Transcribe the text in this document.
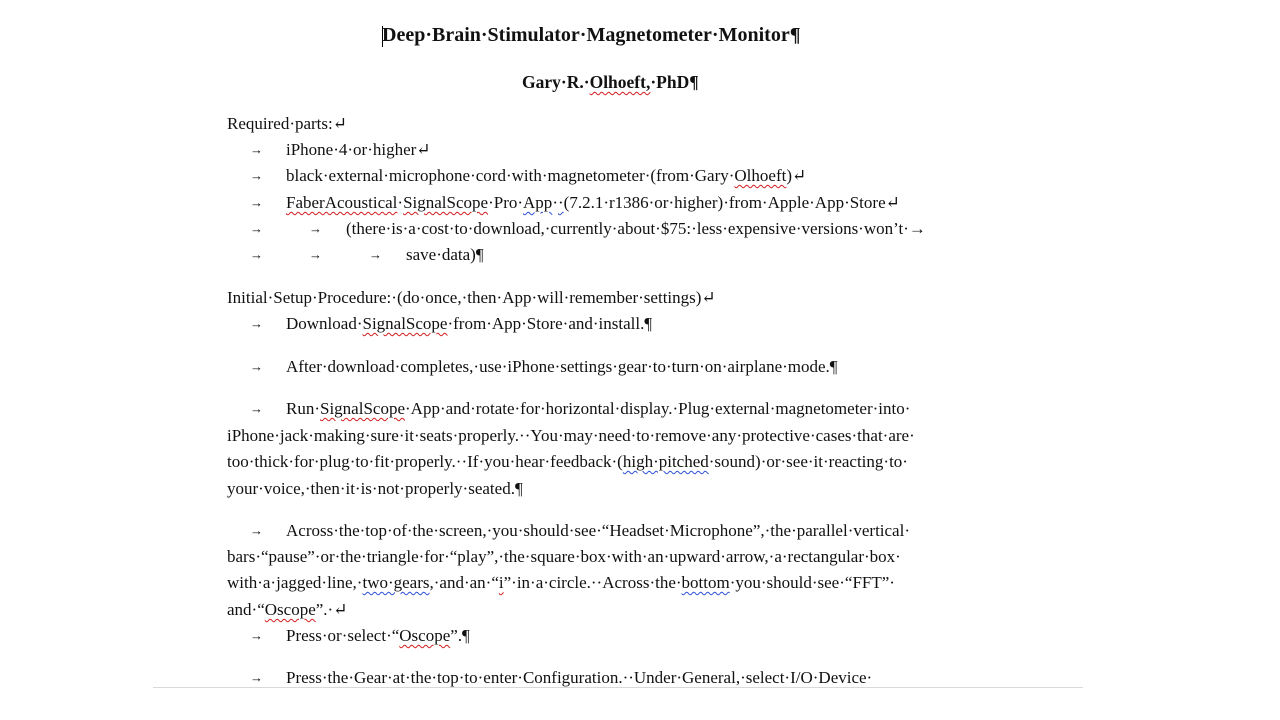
Deep·Brain·Stimulator·Magnetometer·Monitor¶
Gary·R.·Olhoeft,·PhD¶
Required·parts:↵
→ iPhone·4·or·higher↵
→ black·external·microphone·cord·with·magnetometer·(from·Gary·Olhoeft)↵
→ FaberAcoustical·SignalScope·Pro·App··(7.2.1·r1386·or·higher)·from·Apple·App·Store↵
→	→ (there·is·a·cost·to·download,·currently·about·$75:·less·expensive·versions·won’t·→
→	→	→ save·data)¶
Initial·Setup·Procedure:·(do·once,·then·App·will·remember·settings)↵
→ Download·SignalScope·from·App·Store·and·install.¶
→ After·download·completes,·use·iPhone·settings·gear·to·turn·on·airplane·mode.¶
→ Run·SignalScope·App·and·rotate·for·horizontal·display.·Plug·external·magnetometer·into·
iPhone·jack·making·sure·it·seats·properly.··You·may·need·to·remove·any·protective·cases·that·are·
too·thick·for·plug·to·fit·properly.··If·you·hear·feedback·(high·pitched·sound)·or·see·it·reacting·to·
your·voice,·then·it·is·not·properly·seated.¶
→ Across·the·top·of·the·screen,·you·should·see·“Headset·Microphone”,·the·parallel·vertical·
bars·“pause”·or·the·triangle·for·“play”,·the·square·box·with·an·upward·arrow,·a·rectangular·box·
with·a·jagged·line,·two·gears,·and·an·“i”·in·a·circle.··Across·the·bottom·you·should·see·“FFT”·
and·“Oscope”.·↵
→ Press·or·select·“Oscope”.¶
→ Press·the·Gear·at·the·top·to·enter·Configuration.··Under·General,·select·I/O·Device·
